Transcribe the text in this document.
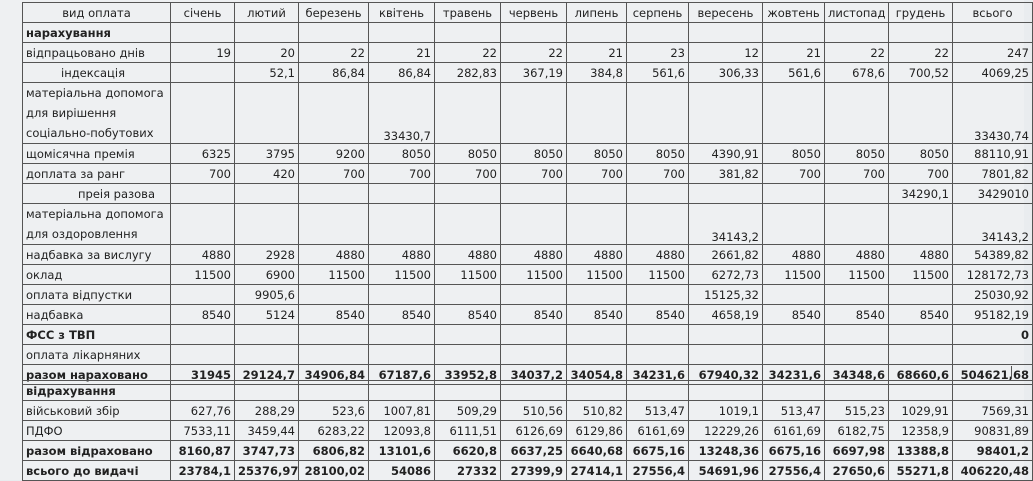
вид оплата	січень	лютий	березень	квітень	травень	червень	липень	серпень	вересень	жовтень	листопад	грудень	всього
нарахування													
відпрацьовано днів	19	20	22	21	22	22	21	23	12	21	22	22	247
індексація		52,1	86,84	86,84	282,83	367,19	384,8	561,6	306,33	561,6	678,6	700,52	4069,25
матеріальна допомога для вирішення соціально-побутових				33430,7									33430,74
щомісячна премія	6325	3795	9200	8050	8050	8050	8050	8050	4390,91	8050	8050	8050	88110,91
доплата за ранг	700	420	700	700	700	700	700	700	381,82	700	700	700	7801,82
преія разова												34290,1	3429010
матеріальна допомога для оздоровлення									34143,2				34143,2
надбавка за вислугу	4880	2928	4880	4880	4880	4880	4880	4880	2661,82	4880	4880	4880	54389,82
оклад	11500	6900	11500	11500	11500	11500	11500	11500	6272,73	11500	11500	11500	128172,73
оплата відпустки		9905,6							15125,32				25030,92
надбавка	8540	5124	8540	8540	8540	8540	8540	8540	4658,19	8540	8540	8540	95182,19
ФСС з ТВП													0
оплата лікарняних													
разом нараховано	31945	29124,7	34906,84	67187,6	33952,8	34037,2	34054,8	34231,6	67940,32	34231,6	34348,6	68660,6	504621,68
відрахування													
військовий збір	627,76	288,29	523,6	1007,81	509,29	510,56	510,82	513,47	1019,1	513,47	515,23	1029,91	7569,31
ПДФО	7533,11	3459,44	6283,22	12093,8	6111,51	6126,69	6129,86	6161,69	12229,26	6161,69	6182,75	12358,9	90831,89
разом відраховано	8160,87	3747,73	6806,82	13101,6	6620,8	6637,25	6640,68	6675,16	13248,36	6675,16	6697,98	13388,8	98401,2
всього до видачі	23784,1	25376,97	28100,02	54086	27332	27399,9	27414,1	27556,4	54691,96	27556,4	27650,6	55271,8	406220,48
